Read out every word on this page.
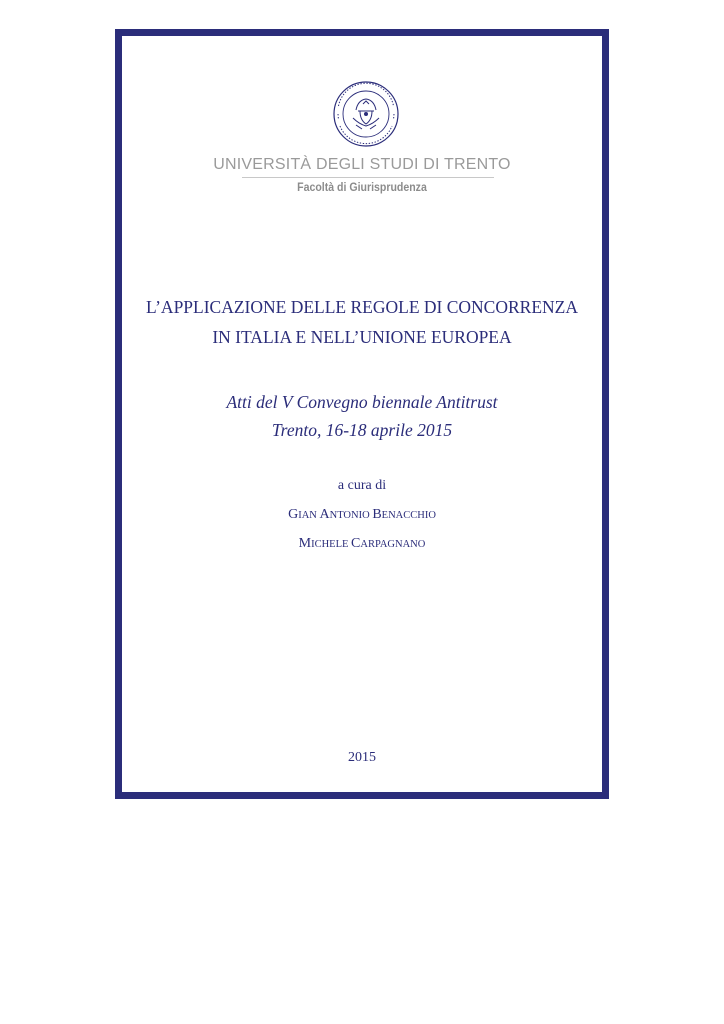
UNIVERSITÀ DEGLI STUDI DI TRENTO
Facoltà di Giurisprudenza
L’APPLICAZIONE DELLE REGOLE DI CONCORRENZA
IN ITALIA E NELL’UNIONE EUROPEA
Atti del V Convegno biennale Antitrust
Trento, 16-18 aprile 2015
a cura di
GIAN ANTONIO BENACCHIO
MICHELE CARPAGNANO
2015
